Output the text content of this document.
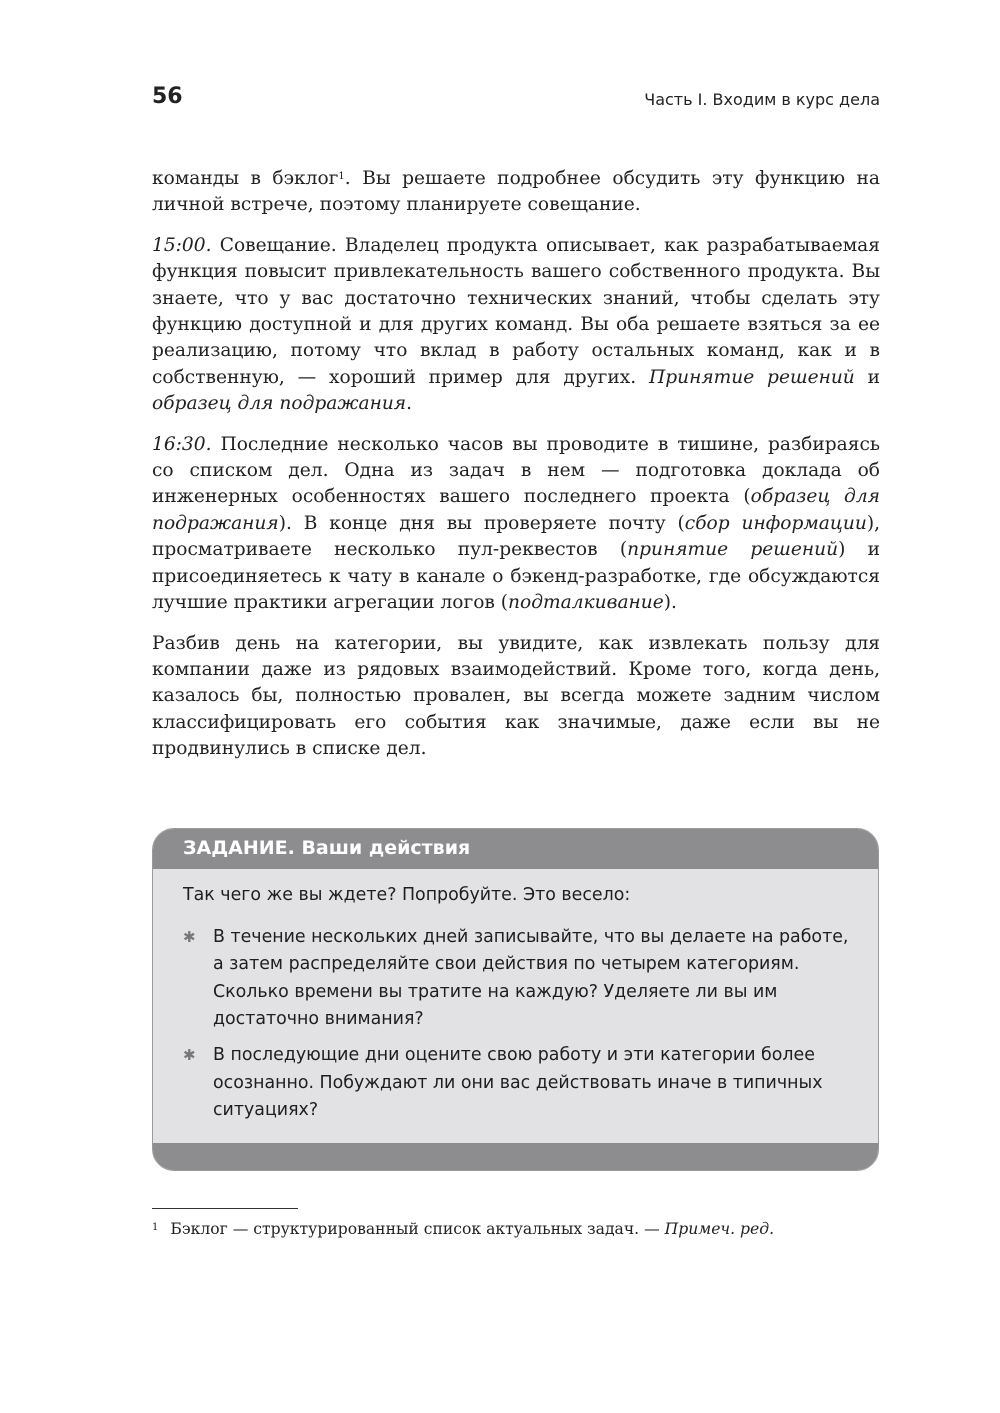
56	Часть I. Входим в курс дела

команды в бэклог$^1$. Вы решаете подробнее обсудить эту функцию на личной встрече, поэтому планируете совещание.

15:00. Совещание. Владелец продукта описывает, как разрабатываемая функция повысит привлекательность вашего собственного продукта. Вы знаете, что у вас достаточно технических знаний, чтобы сделать эту функцию доступной и для других команд. Вы оба решаете взяться за ее реализацию, потому что вклад в работу остальных команд, как и в собственную, — хороший пример для других. Принятие решений и образец для подражания.

16:30. Последние несколько часов вы проводите в тишине, разбираясь со списком дел. Одна из задач в нем — подготовка доклада об инженерных особенностях вашего последнего проекта (образец для подражания). В конце дня вы проверяете почту (сбор информации), просматриваете несколько пул-реквестов (принятие решений) и присоединяетесь к чату в канале о бэкенд-разработке, где обсуждаются лучшие практики агрегации логов (подталкивание).

Разбив день на категории, вы увидите, как извлекать пользу для компании даже из рядовых взаимодействий. Кроме того, когда день, казалось бы, полностью провален, вы всегда можете задним числом классифицировать его события как значимые, даже если вы не продвинулись в списке дел.

ЗАДАНИЕ. Ваши действия

Так чего же вы ждете? Попробуйте. Это весело:

✱ В течение нескольких дней записывайте, что вы делаете на работе, а затем распределяйте свои действия по четырем категориям. Сколько времени вы тратите на каждую? Уделяете ли вы им достаточно внимания?
✱ В последующие дни оцените свою работу и эти категории более осознанно. Побуждают ли они вас действовать иначе в типичных ситуациях?
$^1$ Бэклог — структурированный список актуальных задач. — Примеч. ред.
